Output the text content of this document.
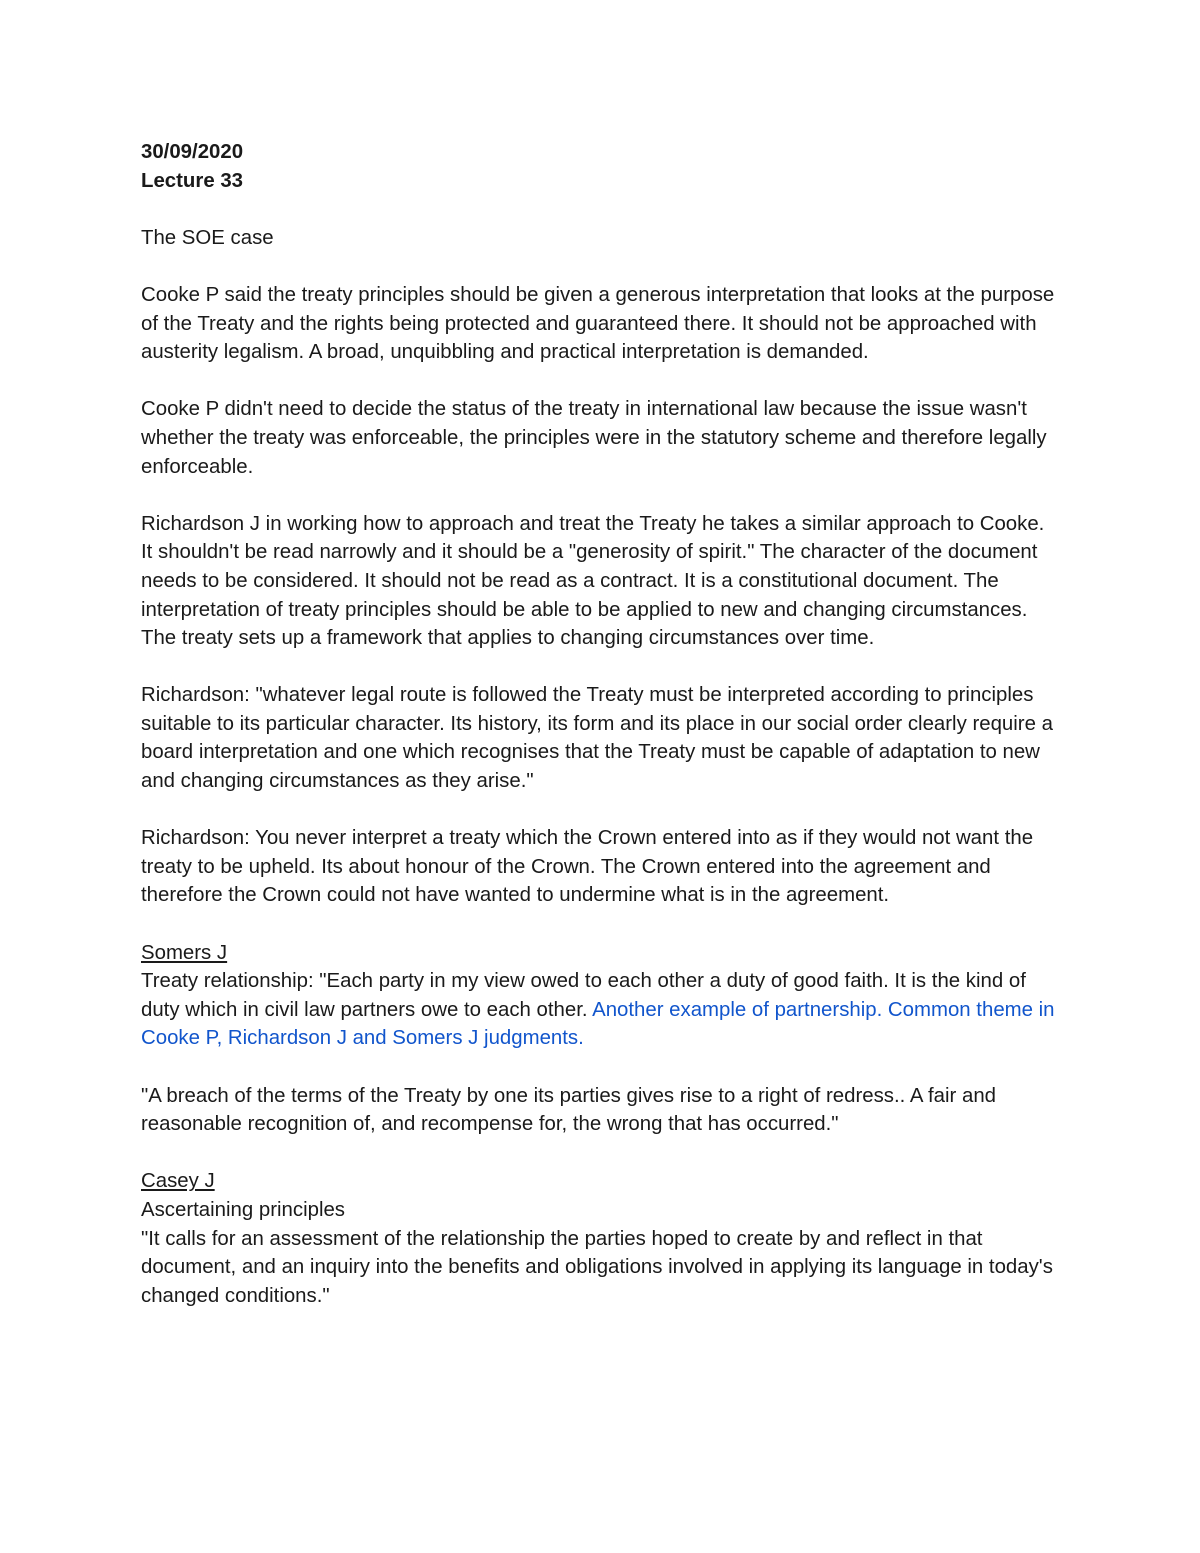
30/09/2020
Lecture 33

The SOE case

Cooke P said the treaty principles should be given a generous interpretation that looks at the purpose of the Treaty and the rights being protected and guaranteed there. It should not be approached with austerity legalism. A broad, unquibbling and practical interpretation is demanded.

Cooke P didn't need to decide the status of the treaty in international law because the issue wasn't whether the treaty was enforceable, the principles were in the statutory scheme and therefore legally enforceable.

Richardson J in working how to approach and treat the Treaty he takes a similar approach to Cooke. It shouldn't be read narrowly and it should be a "generosity of spirit." The character of the document needs to be considered. It should not be read as a contract. It is a constitutional document. The interpretation of treaty principles should be able to be applied to new and changing circumstances. The treaty sets up a framework that applies to changing circumstances over time.

Richardson: "whatever legal route is followed the Treaty must be interpreted according to principles suitable to its particular character. Its history, its form and its place in our social order clearly require a board interpretation and one which recognises that the Treaty must be capable of adaptation to new and changing circumstances as they arise."

Richardson: You never interpret a treaty which the Crown entered into as if they would not want the treaty to be upheld. Its about honour of the Crown. The Crown entered into the agreement and therefore the Crown could not have wanted to undermine what is in the agreement.

Somers J
Treaty relationship: "Each party in my view owed to each other a duty of good faith. It is the kind of duty which in civil law partners owe to each other. Another example of partnership. Common theme in Cooke P, Richardson J and Somers J judgments.

"A breach of the terms of the Treaty by one its parties gives rise to a right of redress.. A fair and reasonable recognition of, and recompense for, the wrong that has occurred."

Casey J
Ascertaining principles
"It calls for an assessment of the relationship the parties hoped to create by and reflect in that document, and an inquiry into the benefits and obligations involved in applying its language in today's changed conditions."
